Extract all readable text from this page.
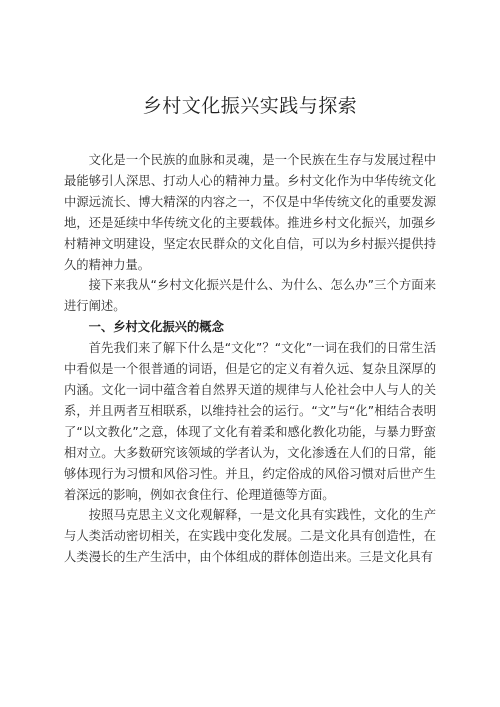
乡村文化振兴实践与探索

文化是一个民族的血脉和灵魂，是一个民族在生存与发展过程中最能够引人深思、打动人心的精神力量。乡村文化作为中华传统文化中源远流长、博大精深的内容之一，不仅是中华传统文化的重要发源地，还是延续中华传统文化的主要载体。推进乡村文化振兴，加强乡村精神文明建设，坚定农民群众的文化自信，可以为乡村振兴提供持久的精神力量。

接下来我从“乡村文化振兴是什么、为什么、怎么办”三个方面来进行阐述。

一、乡村文化振兴的概念

首先我们来了解下什么是“文化”？“文化”一词在我们的日常生活中看似是一个很普通的词语，但是它的定义有着久远、复杂且深厚的内涵。文化一词中蕴含着自然界天道的规律与人伦社会中人与人的关系，并且两者互相联系，以维持社会的运行。“文”与“化”相结合表明了“以文教化”之意，体现了文化有着柔和感化教化功能，与暴力野蛮相对立。大多数研究该领域的学者认为，文化渗透在人们的日常，能够体现行为习惯和风俗习性。并且，约定俗成的风俗习惯对后世产生着深远的影响，例如衣食住行、伦理道德等方面。

按照马克思主义文化观解释，一是文化具有实践性，文化的生产与人类活动密切相关，在实践中变化发展。二是文化具有创造性，在人类漫长的生产生活中，由个体组成的群体创造出来。三是文化具有
